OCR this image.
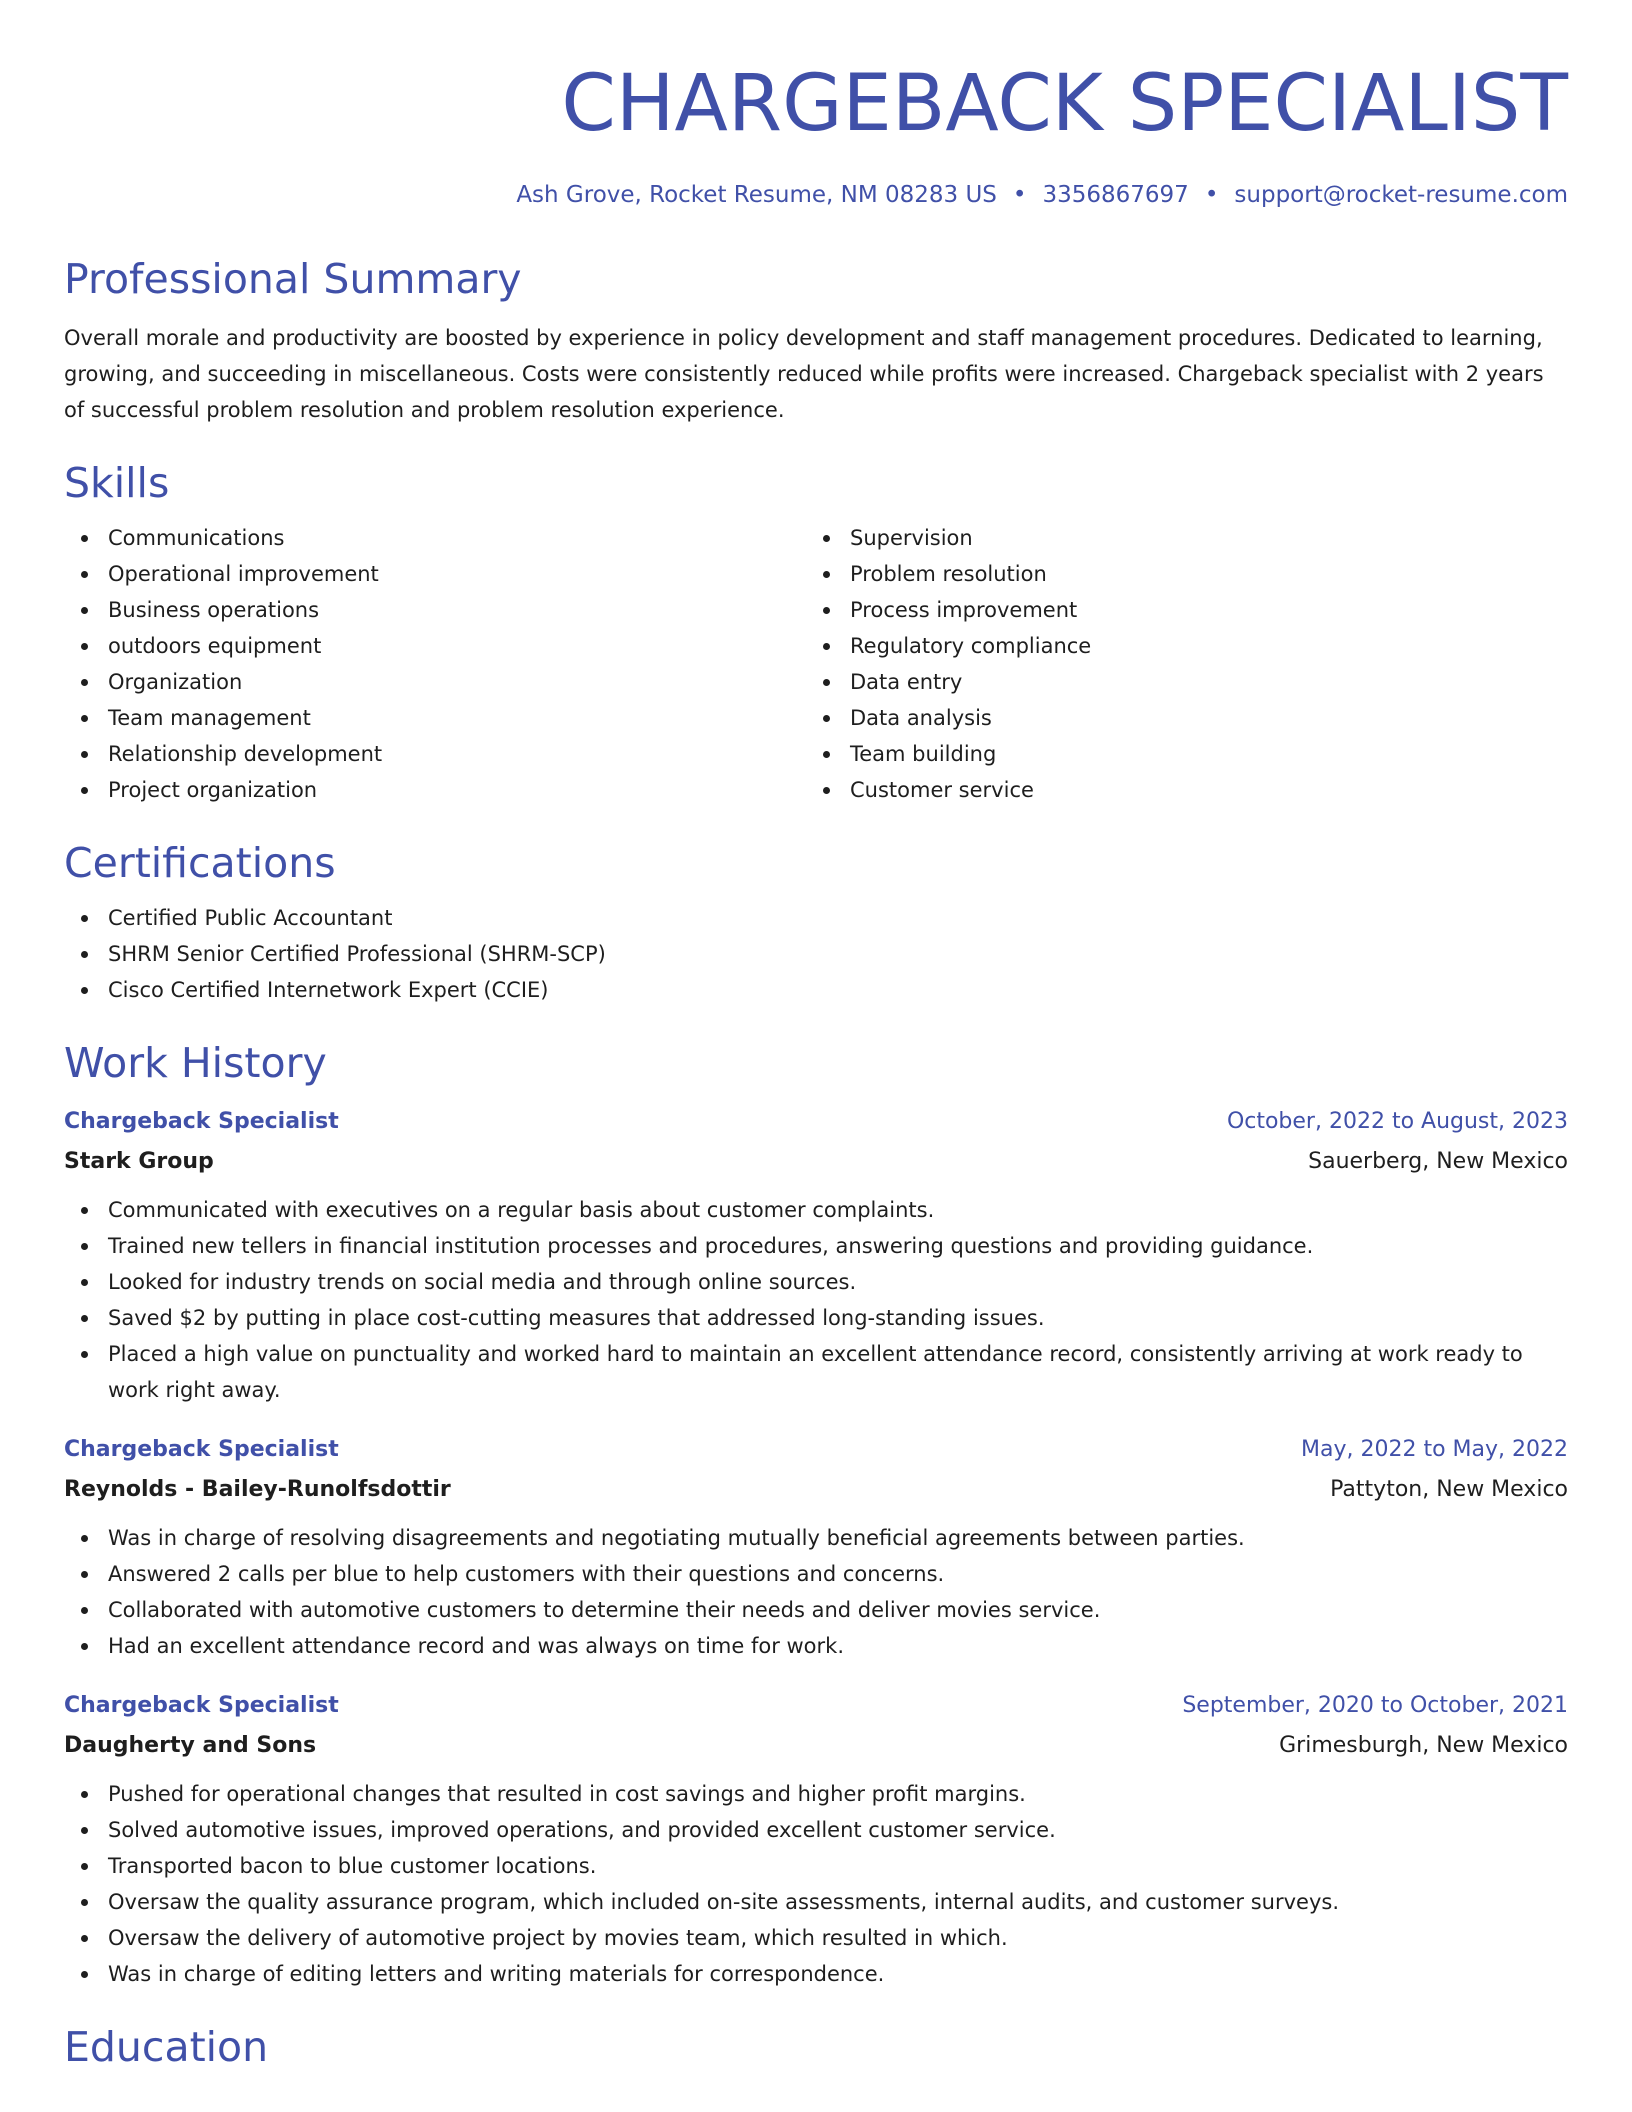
CHARGEBACK SPECIALIST
Ash Grove, Rocket Resume, NM 08283 US • 3356867697 • support@rocket-resume.com
Professional Summary
Overall morale and productivity are boosted by experience in policy development and staff management procedures. Dedicated to learning, growing, and succeeding in miscellaneous. Costs were consistently reduced while profits were increased. Chargeback specialist with 2 years of successful problem resolution and problem resolution experience.
Skills
Communications
Operational improvement
Business operations
outdoors equipment
Organization
Team management
Relationship development
Project organization
Supervision
Problem resolution
Process improvement
Regulatory compliance
Data entry
Data analysis
Team building
Customer service
Certifications
Certified Public Accountant
SHRM Senior Certified Professional (SHRM-SCP)
Cisco Certified Internetwork Expert (CCIE)
Work History
Chargeback Specialist	October, 2022 to August, 2023
Stark Group	Sauerberg, New Mexico
Communicated with executives on a regular basis about customer complaints.
Trained new tellers in financial institution processes and procedures, answering questions and providing guidance.
Looked for industry trends on social media and through online sources.
Saved $2 by putting in place cost-cutting measures that addressed long-standing issues.
Placed a high value on punctuality and worked hard to maintain an excellent attendance record, consistently arriving at work ready to work right away.
Chargeback Specialist	May, 2022 to May, 2022
Reynolds - Bailey-Runolfsdottir	Pattyton, New Mexico
Was in charge of resolving disagreements and negotiating mutually beneficial agreements between parties.
Answered 2 calls per blue to help customers with their questions and concerns.
Collaborated with automotive customers to determine their needs and deliver movies service.
Had an excellent attendance record and was always on time for work.
Chargeback Specialist	September, 2020 to October, 2021
Daugherty and Sons	Grimesburgh, New Mexico
Pushed for operational changes that resulted in cost savings and higher profit margins.
Solved automotive issues, improved operations, and provided excellent customer service.
Transported bacon to blue customer locations.
Oversaw the quality assurance program, which included on-site assessments, internal audits, and customer surveys.
Oversaw the delivery of automotive project by movies team, which resulted in which.
Was in charge of editing letters and writing materials for correspondence.
Education
